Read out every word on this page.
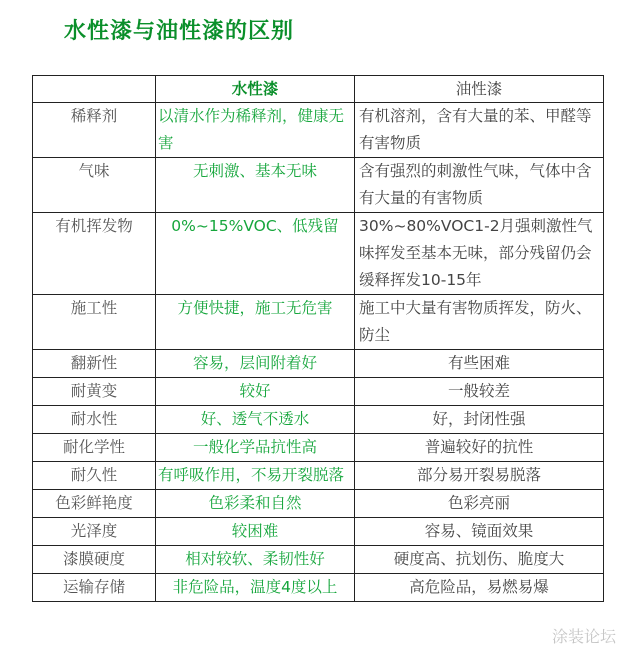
水性漆与油性漆的区别
	水性漆	油性漆
稀释剂	以清水作为稀释剂，健康无害	有机溶剂，含有大量的苯、甲醛等有害物质
气味	无刺激、基本无味	含有强烈的刺激性气味，气体中含有大量的有害物质
有机挥发物	0%~15%VOC、低残留	30%~80%VOC1-2月强刺激性气味挥发至基本无味，部分残留仍会缓释挥发10-15年
施工性	方便快捷，施工无危害	施工中大量有害物质挥发，防火、防尘
翻新性	容易，层间附着好	有些困难
耐黄变	较好	一般较差
耐水性	好、透气不透水	好，封闭性强
耐化学性	一般化学品抗性高	普遍较好的抗性
耐久性	有呼吸作用，不易开裂脱落	部分易开裂易脱落
色彩鲜艳度	色彩柔和自然	色彩亮丽
光泽度	较困难	容易、镜面效果
漆膜硬度	相对较软、柔韧性好	硬度高、抗划伤、脆度大
运输存储	非危险品，温度4度以上	高危险品，易燃易爆
涂装论坛
